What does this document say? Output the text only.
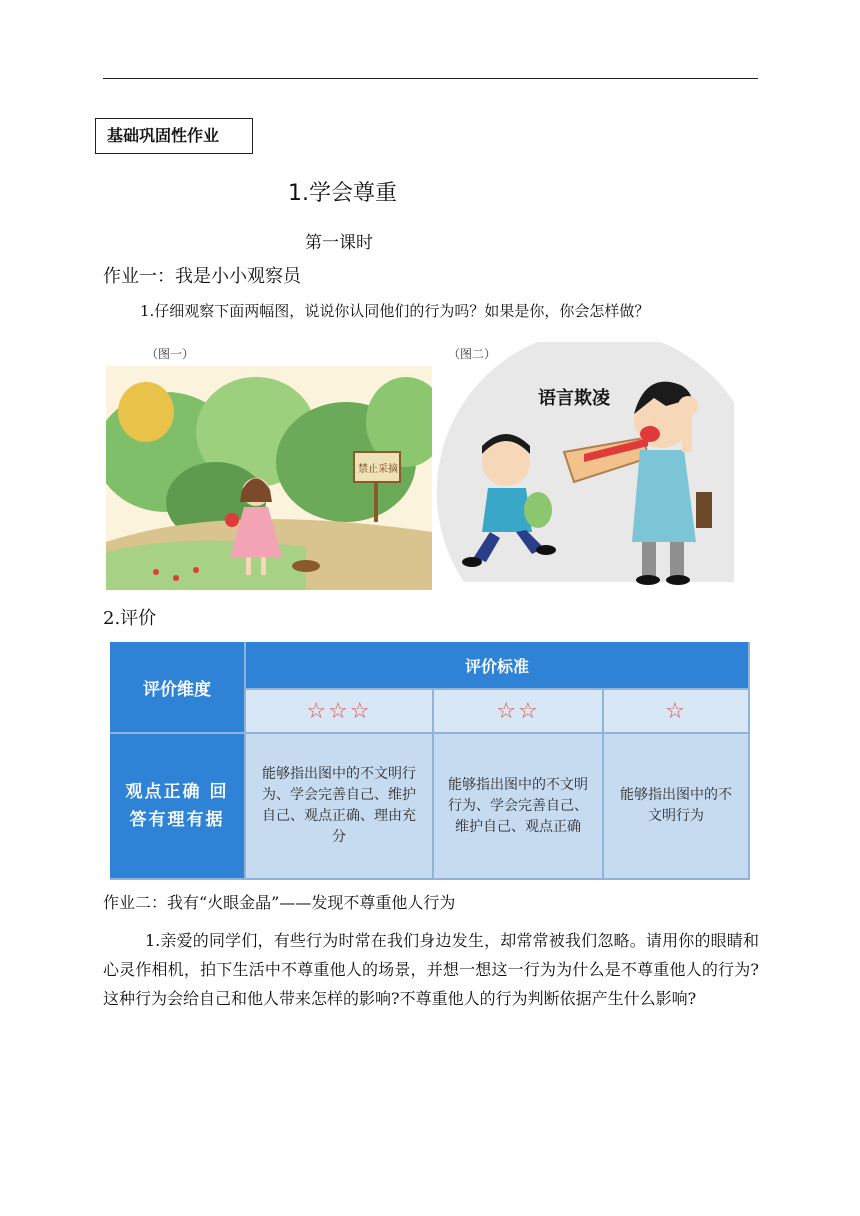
基础巩固性作业
1.学会尊重
第一课时
作业一：我是小小观察员
1.仔细观察下面两幅图，说说你认同他们的行为吗？如果是你，你会怎样做？
（图一）
禁止采摘
（图二）
语言欺凌
2.评价
评价维度
评价标准
☆☆☆	☆☆	☆
观点正确 回答有理有据
能够指出图中的不文明行为、学会完善自己、维护自己、观点正确、理由充分
能够指出图中的不文明行为、学会完善自己、维护自己、观点正确
能够指出图中的不文明行为
作业二：我有“火眼金晶”——发现不尊重他人行为
1.亲爱的同学们，有些行为时常在我们身边发生，却常常被我们忽略。请用你的眼睛和心灵作相机，拍下生活中不尊重他人的场景，并想一想这一行为为什么是不尊重他人的行为?这种行为会给自己和他人带来怎样的影响?不尊重他人的行为判断依据产生什么影响?
